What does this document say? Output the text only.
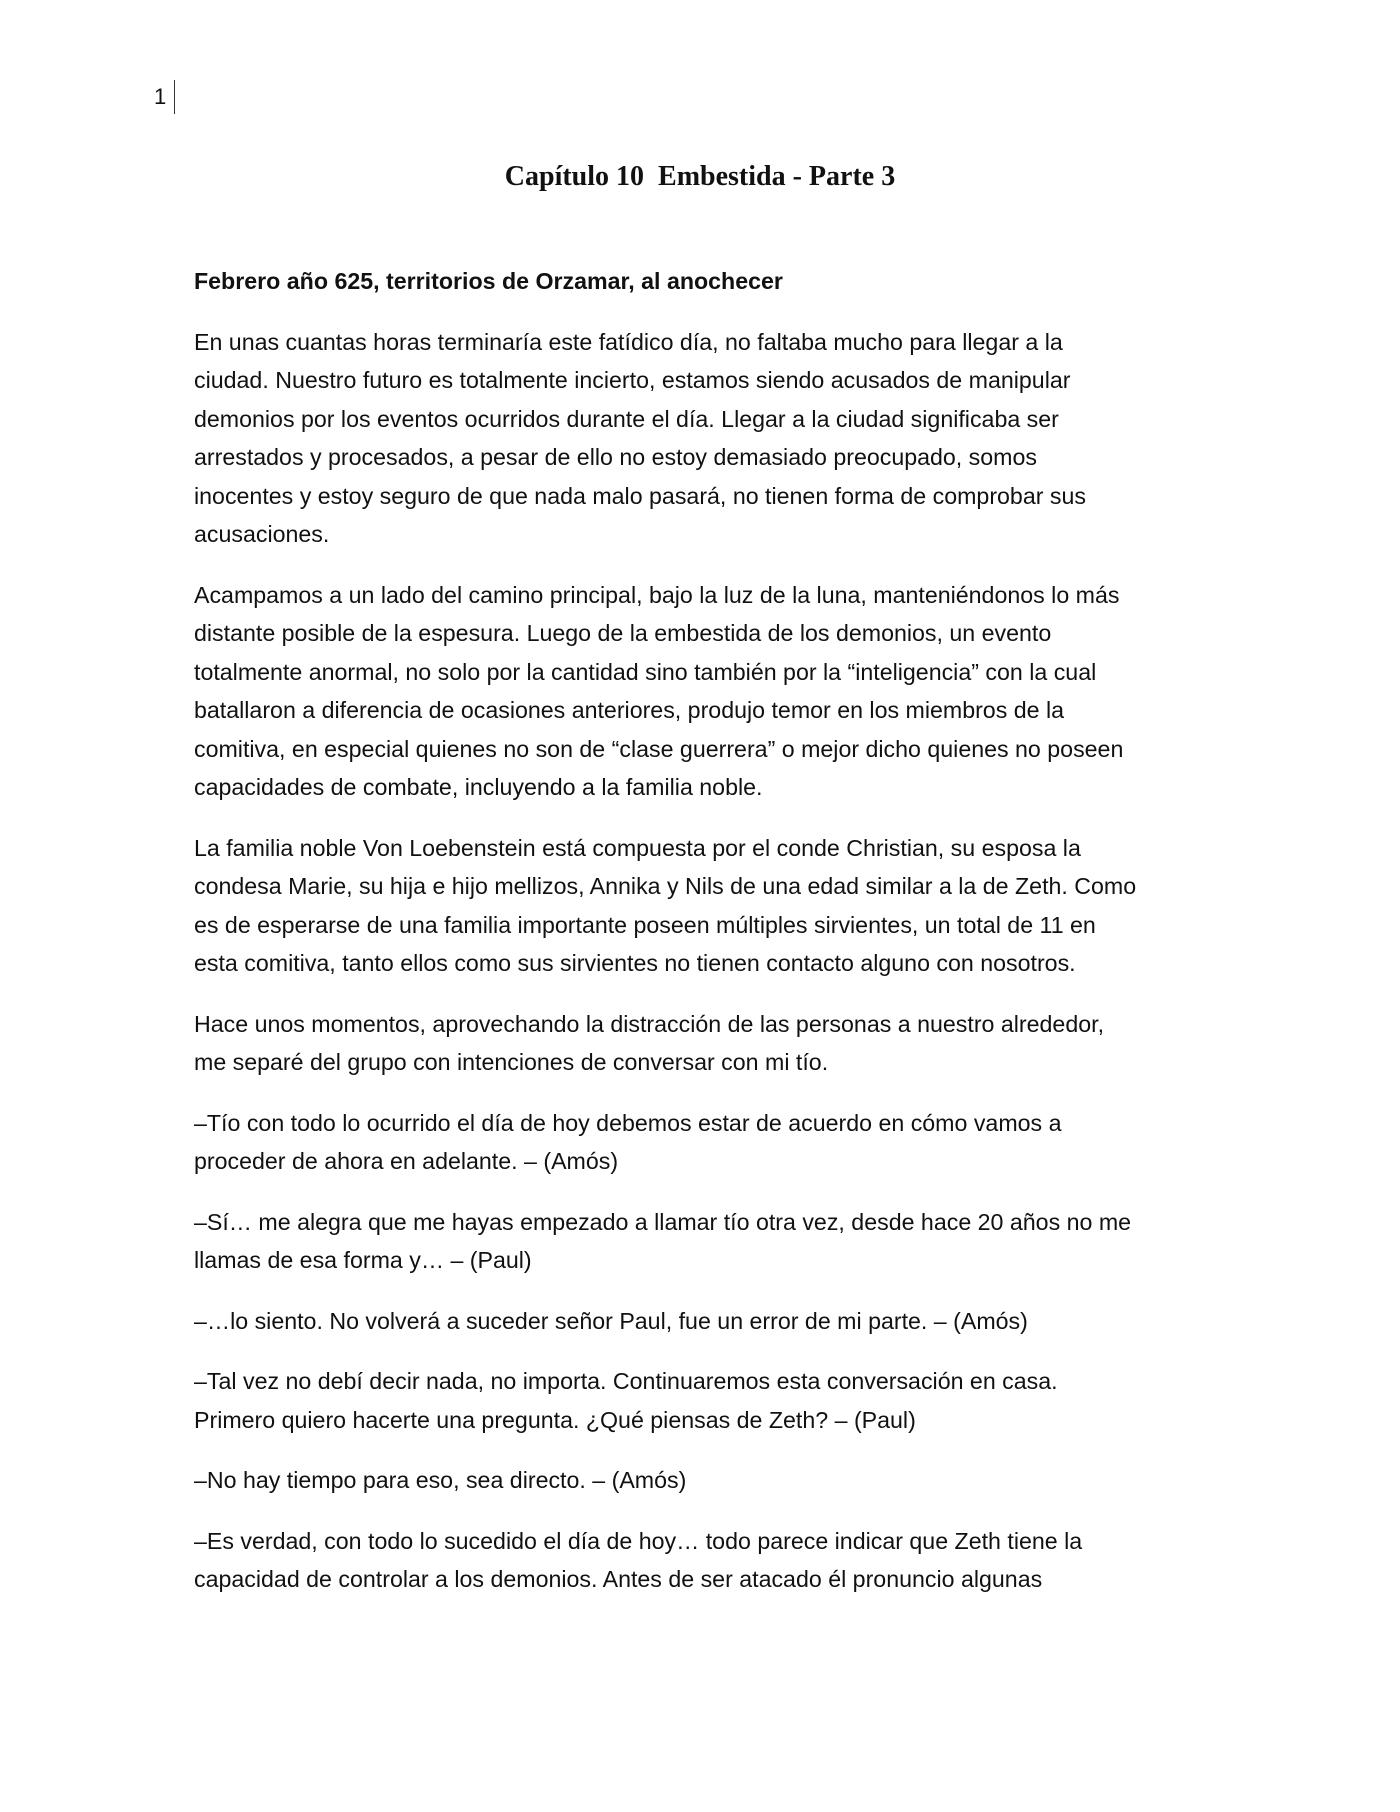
1
Capítulo 10  Embestida - Parte 3

Febrero año 625, territorios de Orzamar, al anochecer

En unas cuantas horas terminaría este fatídico día, no faltaba mucho para llegar a la
ciudad. Nuestro futuro es totalmente incierto, estamos siendo acusados de manipular
demonios por los eventos ocurridos durante el día. Llegar a la ciudad significaba ser
arrestados y procesados, a pesar de ello no estoy demasiado preocupado, somos
inocentes y estoy seguro de que nada malo pasará, no tienen forma de comprobar sus
acusaciones.

Acampamos a un lado del camino principal, bajo la luz de la luna, manteniéndonos lo más
distante posible de la espesura. Luego de la embestida de los demonios, un evento
totalmente anormal, no solo por la cantidad sino también por la “inteligencia” con la cual
batallaron a diferencia de ocasiones anteriores, produjo temor en los miembros de la
comitiva, en especial quienes no son de “clase guerrera” o mejor dicho quienes no poseen
capacidades de combate, incluyendo a la familia noble.

La familia noble Von Loebenstein está compuesta por el conde Christian, su esposa la
condesa Marie, su hija e hijo mellizos, Annika y Nils de una edad similar a la de Zeth. Como
es de esperarse de una familia importante poseen múltiples sirvientes, un total de 11 en
esta comitiva, tanto ellos como sus sirvientes no tienen contacto alguno con nosotros.

Hace unos momentos, aprovechando la distracción de las personas a nuestro alrededor,
me separé del grupo con intenciones de conversar con mi tío.

–Tío con todo lo ocurrido el día de hoy debemos estar de acuerdo en cómo vamos a
proceder de ahora en adelante. – (Amós)

–Sí… me alegra que me hayas empezado a llamar tío otra vez, desde hace 20 años no me
llamas de esa forma y… – (Paul)

–…lo siento. No volverá a suceder señor Paul, fue un error de mi parte. – (Amós)

–Tal vez no debí decir nada, no importa. Continuaremos esta conversación en casa.
Primero quiero hacerte una pregunta. ¿Qué piensas de Zeth? – (Paul)

–No hay tiempo para eso, sea directo. – (Amós)

–Es verdad, con todo lo sucedido el día de hoy… todo parece indicar que Zeth tiene la
capacidad de controlar a los demonios. Antes de ser atacado él pronuncio algunas
